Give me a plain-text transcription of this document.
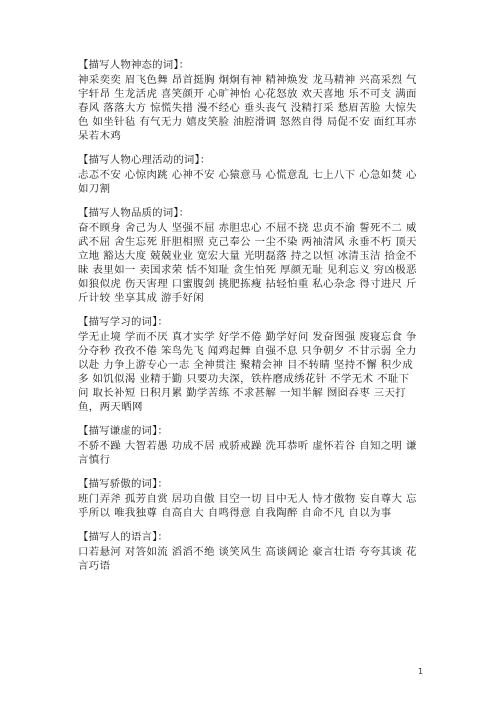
【描写人物神态的词】：

神采奕奕 眉飞色舞 昂首挺胸 炯炯有神 精神焕发 龙马精神 兴高采烈 气宇轩昂 生龙活虎 喜笑颜开 心旷神怡 心花怒放 欢天喜地 乐不可支 满面春风 落落大方 惊慌失措 漫不经心 垂头丧气 没精打采 愁眉苦脸 大惊失色 如坐针毡 有气无力 嬉皮笑脸 油腔滑调 怒然自得 局促不安 面红耳赤 呆若木鸡

【描写人物心理活动的词】：

忐忑不安 心惊肉跳 心神不安 心猿意马 心慌意乱 七上八下 心急如焚 心如刀割

【描写人物品质的词】：

奋不顾身 舍己为人 坚强不屈 赤胆忠心 不屈不挠 忠贞不渝 誓死不二 威武不屈 舍生忘死 肝胆相照 克己奉公 一尘不染 两袖清风 永垂不朽 顶天立地 豁达大度 兢兢业业 宽宏大量 光明磊落 持之以恒 冰清玉洁 拾金不昧 表里如一 卖国求荣 恬不知耻 贪生怕死 厚颜无耻 见利忘义 穷凶极恶 如狼似虎 伤天害理 口蜜腹剑 挑肥拣瘦 拈轻怕重 私心杂念 得寸进尺 斤斤计较 坐享其成 游手好闲

【描写学习的词】：

学无止境 学而不厌 真才实学 好学不倦 勤学好问 发奋图强 废寝忘食 争分夺秒 孜孜不倦 笨鸟先飞 闻鸡起舞 自强不息 只争朝夕 不甘示弱 全力以赴 力争上游专心一志 全神贯注 聚精会神 目不转睛 坚持不懈 积少成多 如饥似渴 业精于勤 只要功夫深，铁杵磨成绣花针 不学无术 不耻下问 取长补短 日积月累 勤学苦练 不求甚解 一知半解 囫囵吞枣 三天打鱼，两天晒网

【描写谦虚的词】：

不骄不躁 大智若愚 功成不居 戒骄戒躁 洗耳恭听 虚怀若谷 自知之明 谦言慎行

【描写骄傲的词】：

班门弄斧 孤芳自赏 居功自傲 目空一切 目中无人 恃才傲物 妄自尊大 忘乎所以 唯我独尊 自高自大 自鸣得意 自我陶醉 自命不凡 自以为事

【描写人的语言】：

口若悬河 对答如流 滔滔不绝 谈笑风生 高谈阔论 豪言壮语 夸夸其谈 花言巧语

1
